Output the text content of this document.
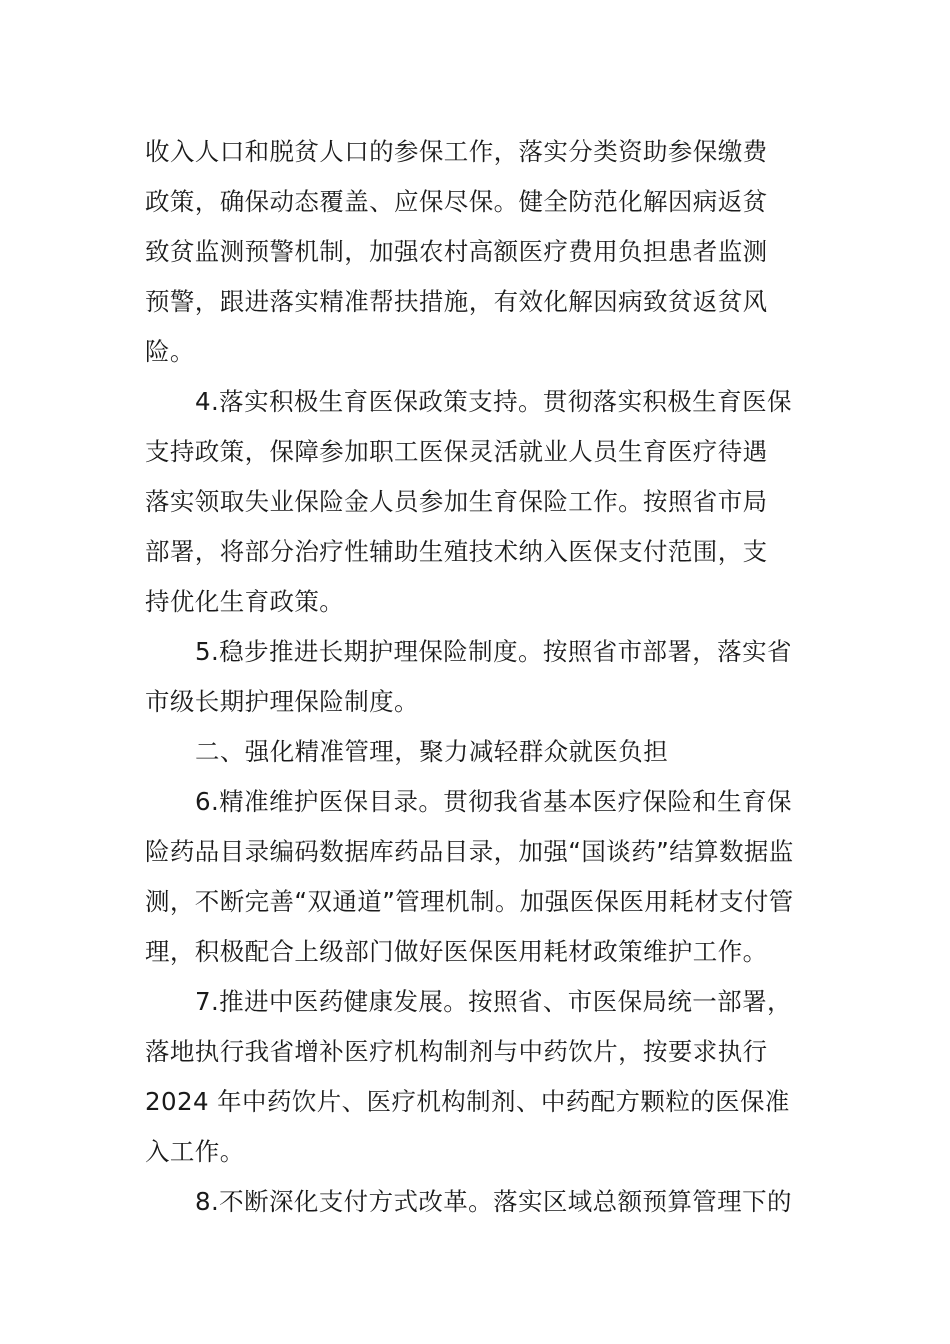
收入人口和脱贫人口的参保工作，落实分类资助参保缴费
政策，确保动态覆盖、应保尽保。健全防范化解因病返贫
致贫监测预警机制，加强农村高额医疗费用负担患者监测
预警，跟进落实精准帮扶措施，有效化解因病致贫返贫风
险。
4.落实积极生育医保政策支持。贯彻落实积极生育医保
支持政策，保障参加职工医保灵活就业人员生育医疗待遇
落实领取失业保险金人员参加生育保险工作。按照省市局
部署，将部分治疗性辅助生殖技术纳入医保支付范围，支
持优化生育政策。
5.稳步推进长期护理保险制度。按照省市部署，落实省
市级长期护理保险制度。
二、强化精准管理，聚力减轻群众就医负担
6.精准维护医保目录。贯彻我省基本医疗保险和生育保
险药品目录编码数据库药品目录，加强“国谈药”结算数据监
测，不断完善“双通道”管理机制。加强医保医用耗材支付管
理，积极配合上级部门做好医保医用耗材政策维护工作。
7.推进中医药健康发展。按照省、市医保局统一部署，
落地执行我省增补医疗机构制剂与中药饮片，按要求执行
2024 年中药饮片、医疗机构制剂、中药配方颗粒的医保准
入工作。
8.不断深化支付方式改革。落实区域总额预算管理下的
